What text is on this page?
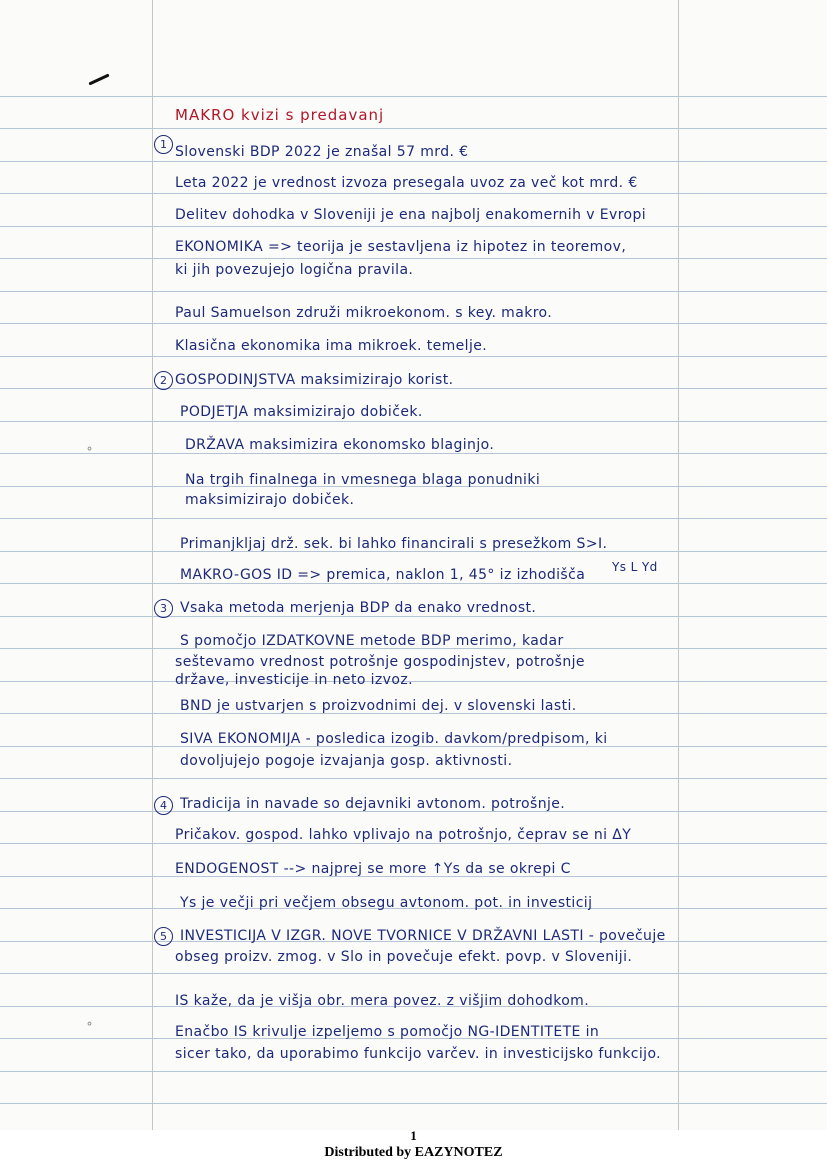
˳
˳
MAKRO kvizi s predavanj
1 Slovenski BDP 2022 je znašal 57 mrd. €
Leta 2022 je vrednost izvoza presegala uvoz za več kot mrd. €
Delitev dohodka v Sloveniji je ena najbolj enakomernih v Evropi
EKONOMIKA => teorija je sestavljena iz hipotez in teoremov,
ki jih povezujejo logična pravila.
Paul Samuelson združi mikroekonom. s key. makro.
Klasična ekonomika ima mikroek. temelje.
2 GOSPODINJSTVA maksimizirajo korist.
PODJETJA maksimizirajo dobiček.
DRŽAVA maksimizira ekonomsko blaginjo.
Na trgih finalnega in vmesnega blaga ponudniki
maksimizirajo dobiček.
Primanjkljaj drž. sek. bi lahko financirali s presežkom S>I.
MAKRO-GOS ID => premica, naklon 1, 45° iz izhodišča Ys L Yd
3 Vsaka metoda merjenja BDP da enako vrednost.
S pomočjo IZDATKOVNE metode BDP merimo, kadar
seštevamo vrednost potrošnje gospodinjstev, potrošnje
države, investicije in neto izvoz.
BND je ustvarjen s proizvodnimi dej. v slovenski lasti.
SIVA EKONOMIJA - posledica izogib. davkom/predpisom, ki
dovoljujejo pogoje izvajanja gosp. aktivnosti.
4 Tradicija in navade so dejavniki avtonom. potrošnje.
Pričakov. gospod. lahko vplivajo na potrošnjo, čeprav se ni ΔY
ENDOGENOST --> najprej se more ↑Ys da se okrepi C
Ys je večji pri večjem obsegu avtonom. pot. in investicij
5 INVESTICIJA V IZGR. NOVE TVORNICE V DRŽAVNI LASTI - povečuje
obseg proizv. zmog. v Slo in povečuje efekt. povp. v Sloveniji.
IS kaže, da je višja obr. mera povez. z višjim dohodkom.
Enačbo IS krivulje izpeljemo s pomočjo NG-IDENTITETE in
sicer tako, da uporabimo funkcijo varčev. in investicijsko funkcijo.
1
Distributed by EAZYNOTEZ
